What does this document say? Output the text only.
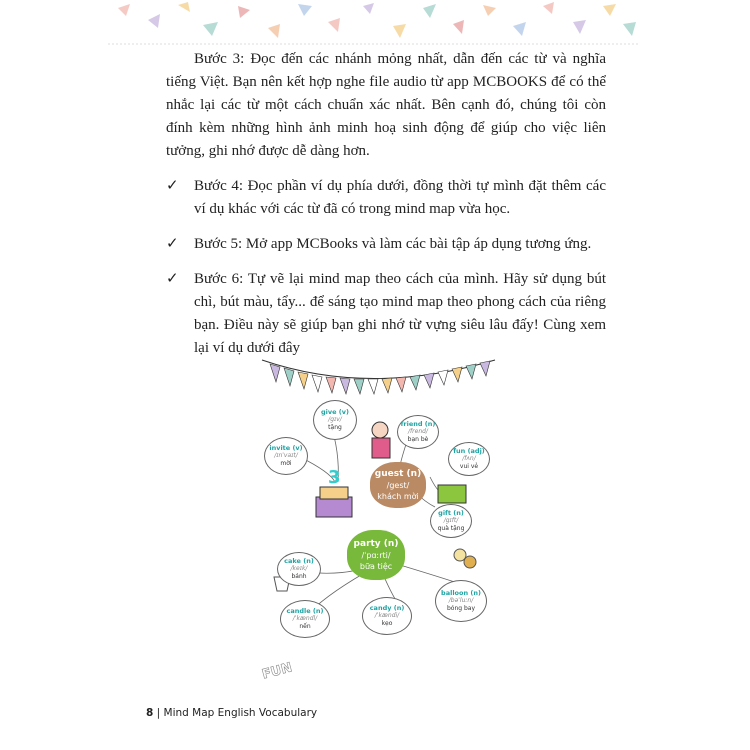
Bước 3: Đọc đến các nhánh mỏng nhất, dẫn đến các từ và nghĩa tiếng Việt. Bạn nên kết hợp nghe file audio từ app MCBOOKS để có thể nhắc lại các từ một cách chuẩn xác nhất. Bên cạnh đó, chúng tôi còn đính kèm những hình ảnh minh hoạ sinh động để giúp cho việc liên tưởng, ghi nhớ được dễ dàng hơn.

✓ Bước 4: Đọc phần ví dụ phía dưới, đồng thời tự mình đặt thêm các ví dụ khác với các từ đã có trong mind map vừa học.
✓ Bước 5: Mở app MCBooks và làm các bài tập áp dụng tương ứng.
✓ Bước 6: Tự vẽ lại mind map theo cách của mình. Hãy sử dụng bút chì, bút màu, tẩy... để sáng tạo mind map theo phong cách của riêng bạn. Điều này sẽ giúp bạn ghi nhớ từ vựng siêu lâu đấy! Cùng xem lại ví dụ dưới đây
3
give (v)
/gɪv/
tặng
invite (v)
/ɪnˈvaɪt/
mời
friend (n)
/frend/
bạn bè
fun (adj)
/fʌn/
vui vẻ
gift (n)
/gɪft/
quà tặng
guest (n)
/gest/
khách mời
party (n)
/ˈpɑːrti/
bữa tiệc
cake (n)
/keɪk/
bánh
candle (n)
/ˈkændl/
nến
candy (n)
/ˈkændi/
kẹo
balloon (n)
/bəˈluːn/
bóng bay
FUN
8 | Mind Map English Vocabulary
